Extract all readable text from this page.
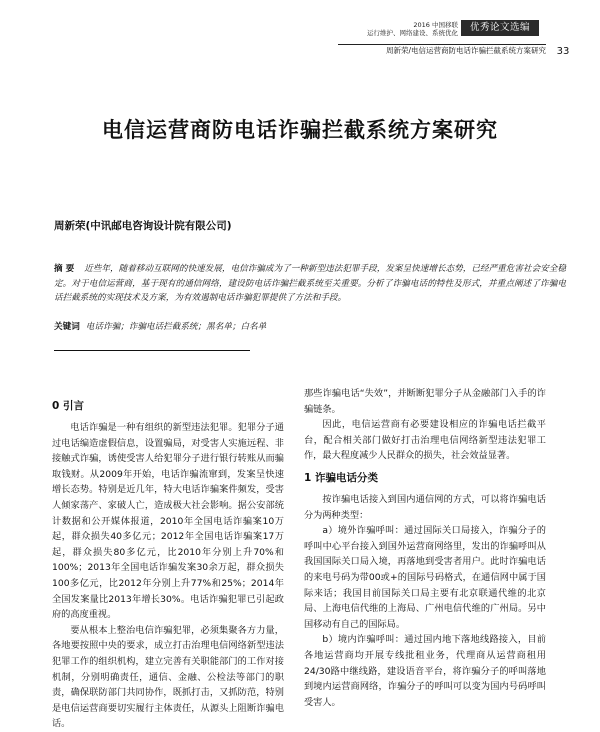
2016 中国移联
运行维护、网络建设、系统优化	优秀论文选编
周新荣/电信运营商防电话诈骗拦截系统方案研究	33
电信运营商防电话诈骗拦截系统方案研究
周新荣(中讯邮电咨询设计院有限公司)
摘 要 近些年，随着移动互联网的快速发展，电信诈骗成为了一种新型违法犯罪手段，发案呈快速增长态势，已经严重危害社会安全稳定。对于电信运营商，基于现有的通信网络，建设防电话诈骗拦截系统至关重要。分析了诈骗电话的特性及形式，并重点阐述了诈骗电话拦截系统的实现技术及方案，为有效遏制电话诈骗犯罪提供了方法和手段。
关键词 电话诈骗；诈骗电话拦截系统；黑名单；白名单
0 引言

电话诈骗是一种有组织的新型违法犯罪。犯罪分子通过电话编造虚假信息，设置骗局，对受害人实施远程、非接触式诈骗，诱使受害人给犯罪分子进行银行转账从而骗取钱财。从2009年开始，电话诈骗流窜到，发案呈快速增长态势。特别是近几年，特大电话诈骗案件频发，受害人倾家荡产、家破人亡，造成极大社会影响。据公安部统计数据和公开媒体报道，2010年全国电话诈骗案10万起，群众损失40多亿元；2012年全国电话诈骗案17万起，群众损失80多亿元，比2010年分别上升70%和100%；2013年全国电话诈骗发案30余万起，群众损失100多亿元，比2012年分别上升77%和25%；2014年全国发案量比2013年增长30%。电话诈骗犯罪已引起政府的高度重视。

要从根本上整治电信诈骗犯罪，必须集聚各方力量，各地要按照中央的要求，成立打击治理电信网络新型违法犯罪工作的组织机构，建立完善有关职能部门的工作对接机制，分别明确责任，通信、金融、公检法等部门的职责，确保联防部门共同协作，既抓打击，又抓防范，特别是电信运营商要切实履行主体责任，从源头上阻断诈骗电话。

那些诈骗电话“失效”，并断断犯罪分子从金融部门入手的诈骗链条。

因此，电信运营商有必要建设相应的诈骗电话拦截平台，配合相关部门做好打击治理电信网络新型违法犯罪工作，最大程度减少人民群众的损失，社会效益显著。

1 诈骗电话分类

按诈骗电话接入到国内通信网的方式，可以将诈骗电话分为两种类型：

a）境外诈骗呼叫：通过国际关口局接入，诈骗分子的呼叫中心平台接入到国外运营商网络里，发出的诈骗呼叫从我国国际关口局入境，再落地到受害者用户。此时诈骗电话的来电号码为带00或+的国际号码格式，在通信网中属于国际来话；我国目前国际关口局主要有北京联通代维的北京局、上海电信代维的上海局、广州电信代维的广州局。另中国移动有自己的国际局。

b）境内诈骗呼叫：通过国内地下落地线路接入，目前各地运营商均开展专线批租业务，代理商从运营商租用24/30路中继线路，建设语音平台，将诈骗分子的呼叫落地到境内运营商网络，诈骗分子的呼叫可以变为国内号码呼叫受害人。
